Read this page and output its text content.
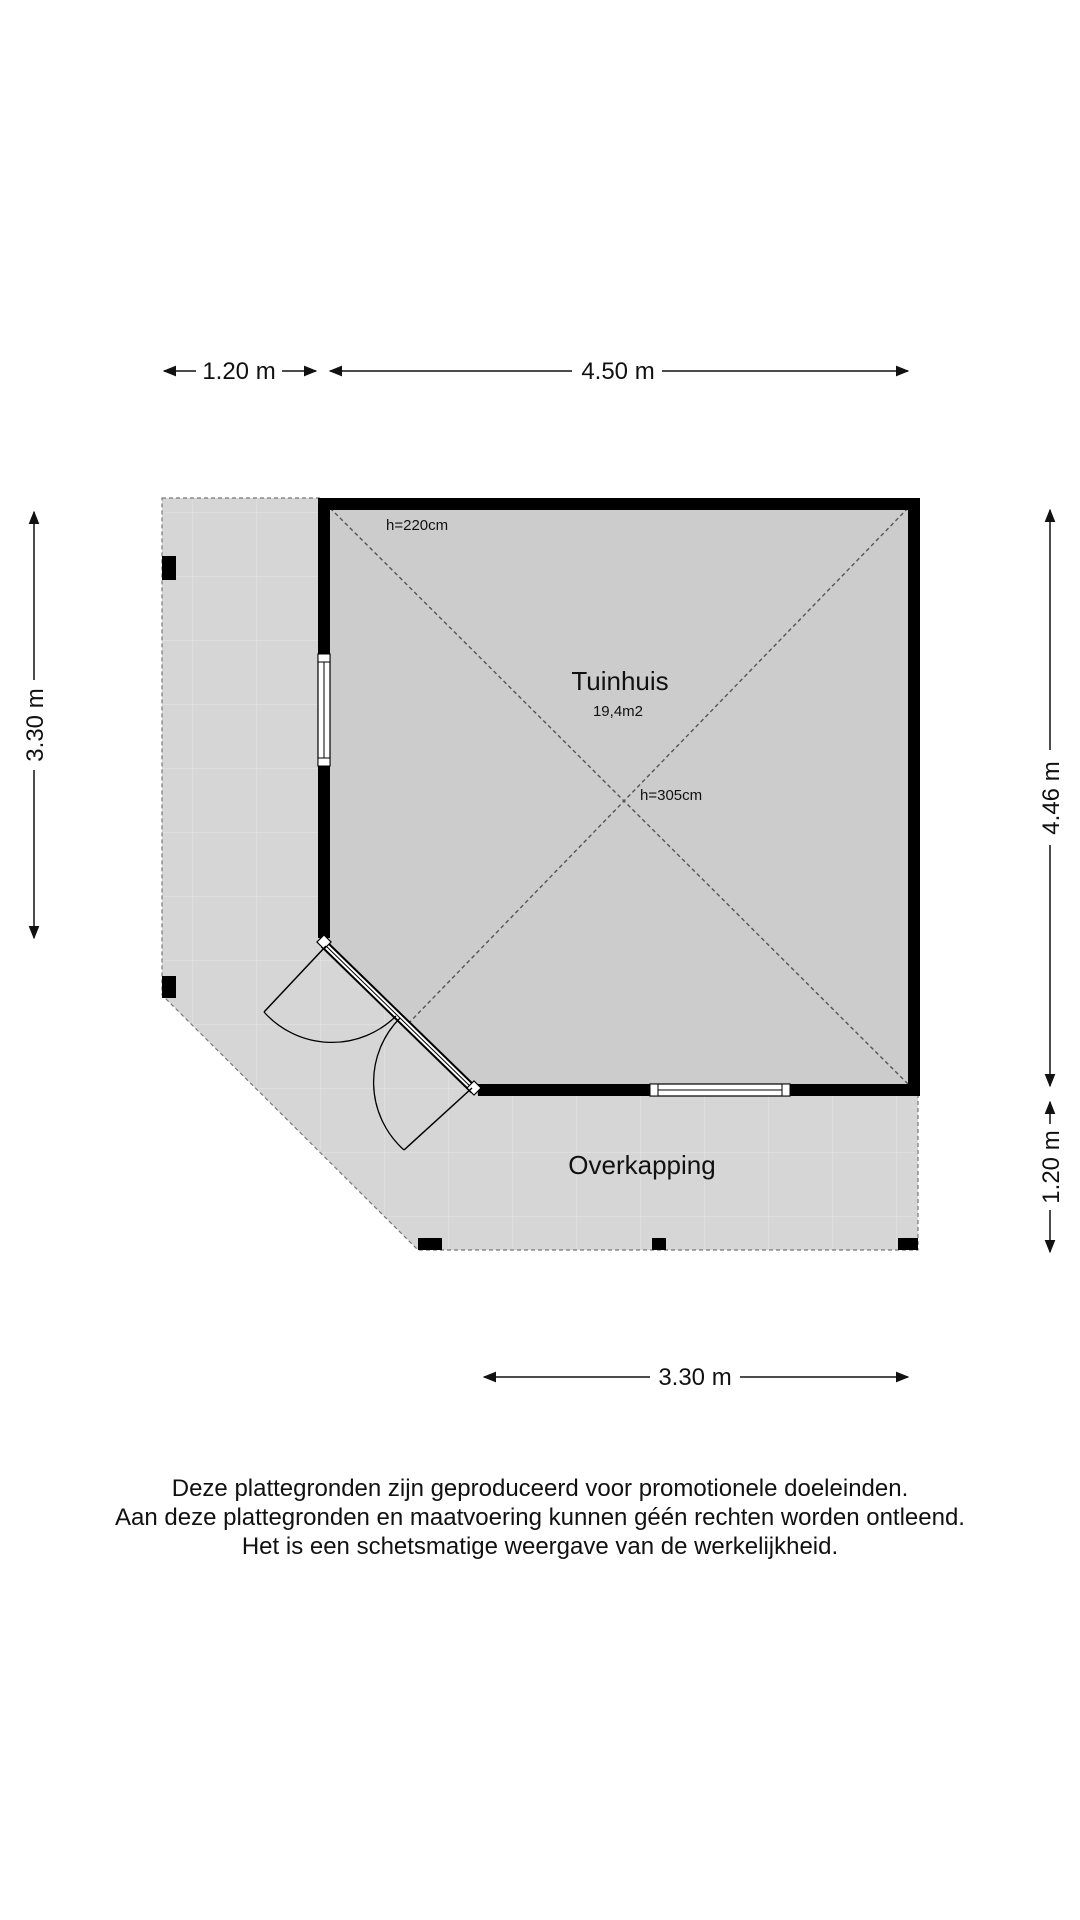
Tuinhuis
19,4m2
h=220cm
h=305cm
Overkapping
1.20 m	4.50 m
3.30 m
4.46 m
1.20 m
3.30 m
Deze plattegronden zijn geproduceerd voor promotionele doeleinden.
Aan deze plattegronden en maatvoering kunnen géén rechten worden ontleend.
Het is een schetsmatige weergave van de werkelijkheid.
